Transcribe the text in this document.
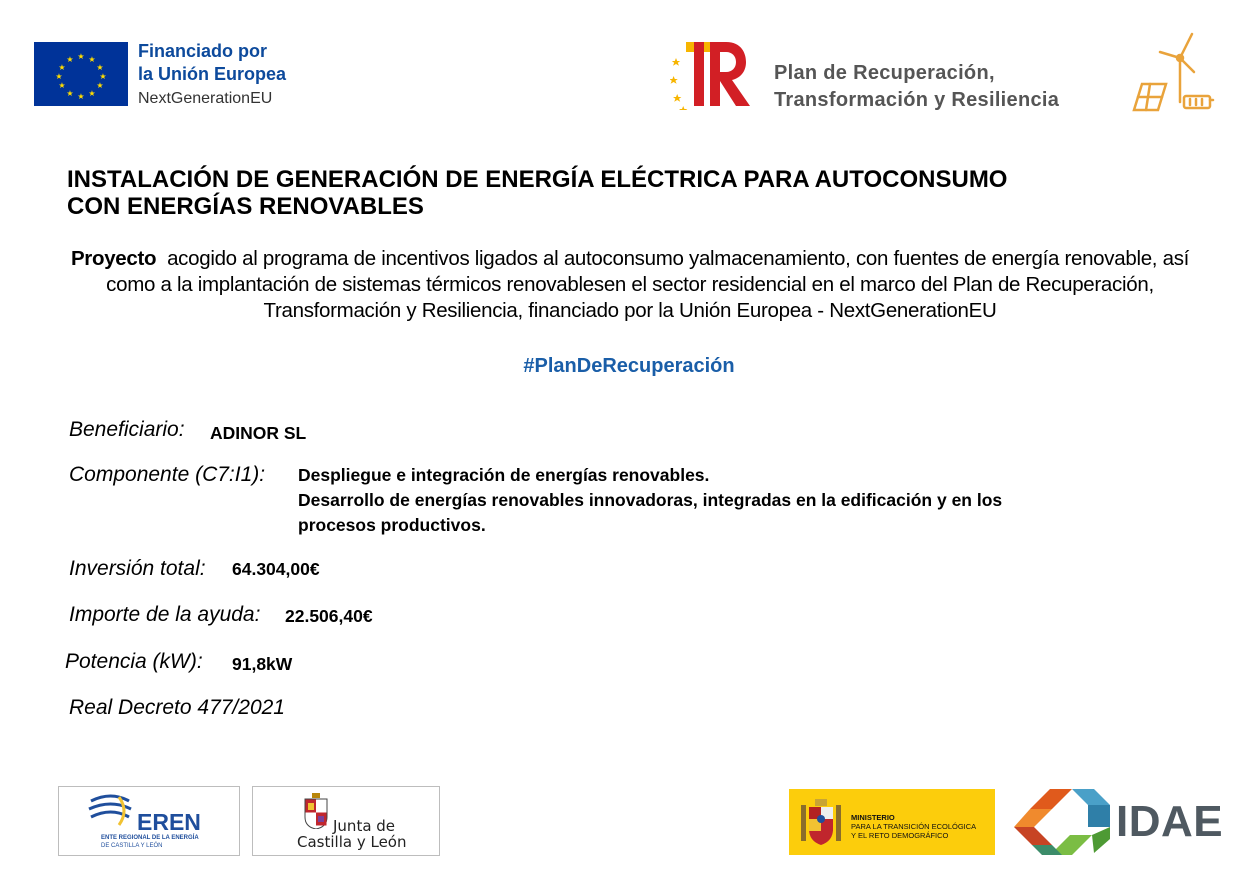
★ ★
★
★
★
★
★
★
★
★
★
★	Financiado por
la Unión Europea
NextGenerationEU
Plan de Recuperación,
Transformación y Resiliencia
INSTALACIÓN DE GENERACIÓN DE ENERGÍA ELÉCTRICA PARA AUTOCONSUMO
CON ENERGÍAS RENOVABLES
Proyecto acogido al programa de incentivos ligados al autoconsumo yalmacenamiento, con fuentes de energía renovable, así como a la implantación de sistemas térmicos renovablesen el sector residencial en el marco del Plan de Recuperación, Transformación y Resiliencia, financiado por la Unión Europea - NextGenerationEU
#PlanDeRecuperación
Beneficiario: ADINOR SL
Componente (C7:I1): Despliegue e integración de energías renovables.
Desarrollo de energías renovables innovadoras, integradas en la edificación y en los
procesos productivos.
Inversión total: 64.304,00€
Importe de la ayuda: 22.506,40€
Potencia (kW): 91,8kW
Real Decreto 477/2021
EREN
ENTE REGIONAL DE LA ENERGÍA
DE CASTILLA Y LEÓN
Junta de
Castilla y León
MINISTERIO
PARA LA TRANSICIÓN ECOLÓGICA
Y EL RETO DEMOGRÁFICO	IDAE
